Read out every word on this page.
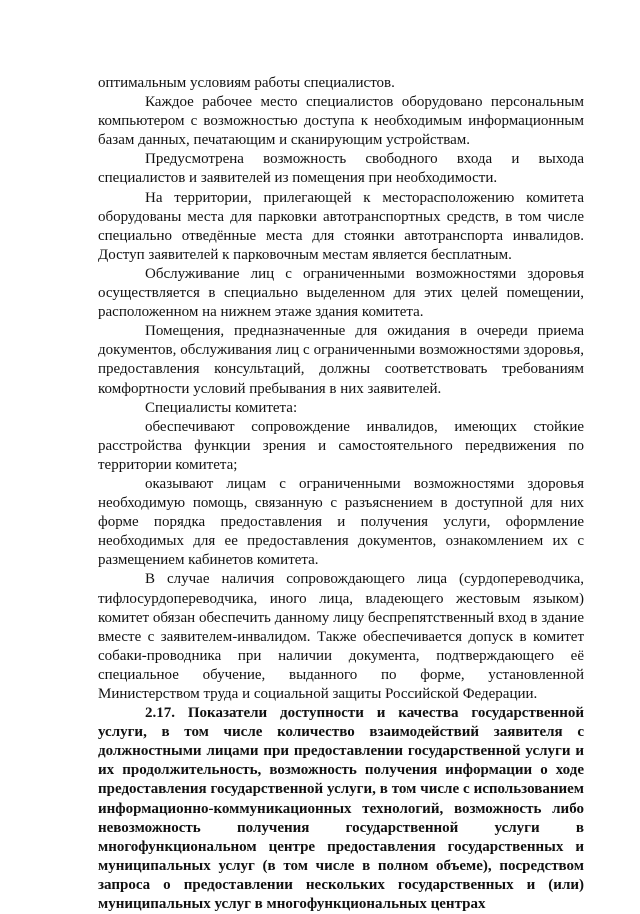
оптимальным условиям работы специалистов.

Каждое рабочее место специалистов оборудовано персональным компьютером с возможностью доступа к необходимым информационным базам данных, печатающим и сканирующим устройствам.

Предусмотрена возможность свободного входа и выхода специалистов и заявителей из помещения при необходимости.

На территории, прилегающей к месторасположению комитета оборудованы места для парковки автотранспортных средств, в том числе специально отведённые места для стоянки автотранспорта инвалидов. Доступ заявителей к парковочным местам является бесплатным.

Обслуживание лиц с ограниченными возможностями здоровья осуществляется в специально выделенном для этих целей помещении, расположенном на нижнем этаже здания комитета.

Помещения, предназначенные для ожидания в очереди приема документов, обслуживания лиц с ограниченными возможностями здоровья, предоставления консультаций, должны соответствовать требованиям комфортности условий пребывания в них заявителей.

Специалисты комитета:

обеспечивают сопровождение инвалидов, имеющих стойкие расстройства функции зрения и самостоятельного передвижения по территории комитета;

оказывают лицам с ограниченными возможностями здоровья необходимую помощь, связанную с разъяснением в доступной для них форме порядка предоставления и получения услуги, оформление необходимых для ее предоставления документов, ознакомлением их с размещением кабинетов комитета.

В случае наличия сопровождающего лица (сурдопереводчика, тифлосурдопереводчика, иного лица, владеющего жестовым языком) комитет обязан обеспечить данному лицу беспрепятственный вход в здание вместе с заявителем-инвалидом. Также обеспечивается допуск в комитет собаки-проводника при наличии документа, подтверждающего её специальное обучение, выданного по форме, установленной Министерством труда и социальной защиты Российской Федерации.

2.17. Показатели доступности и качества государственной услуги, в том числе количество взаимодействий заявителя с должностными лицами при предоставлении государственной услуги и их продолжительность, возможность получения информации о ходе предоставления государственной услуги, в том числе с использованием информационно-коммуникационных технологий, возможность либо невозможность получения государственной услуги в многофункциональном центре предоставления государственных и муниципальных услуг (в том числе в полном объеме), посредством запроса о предоставлении нескольких государственных и (или) муниципальных услуг в многофункциональных центрах
